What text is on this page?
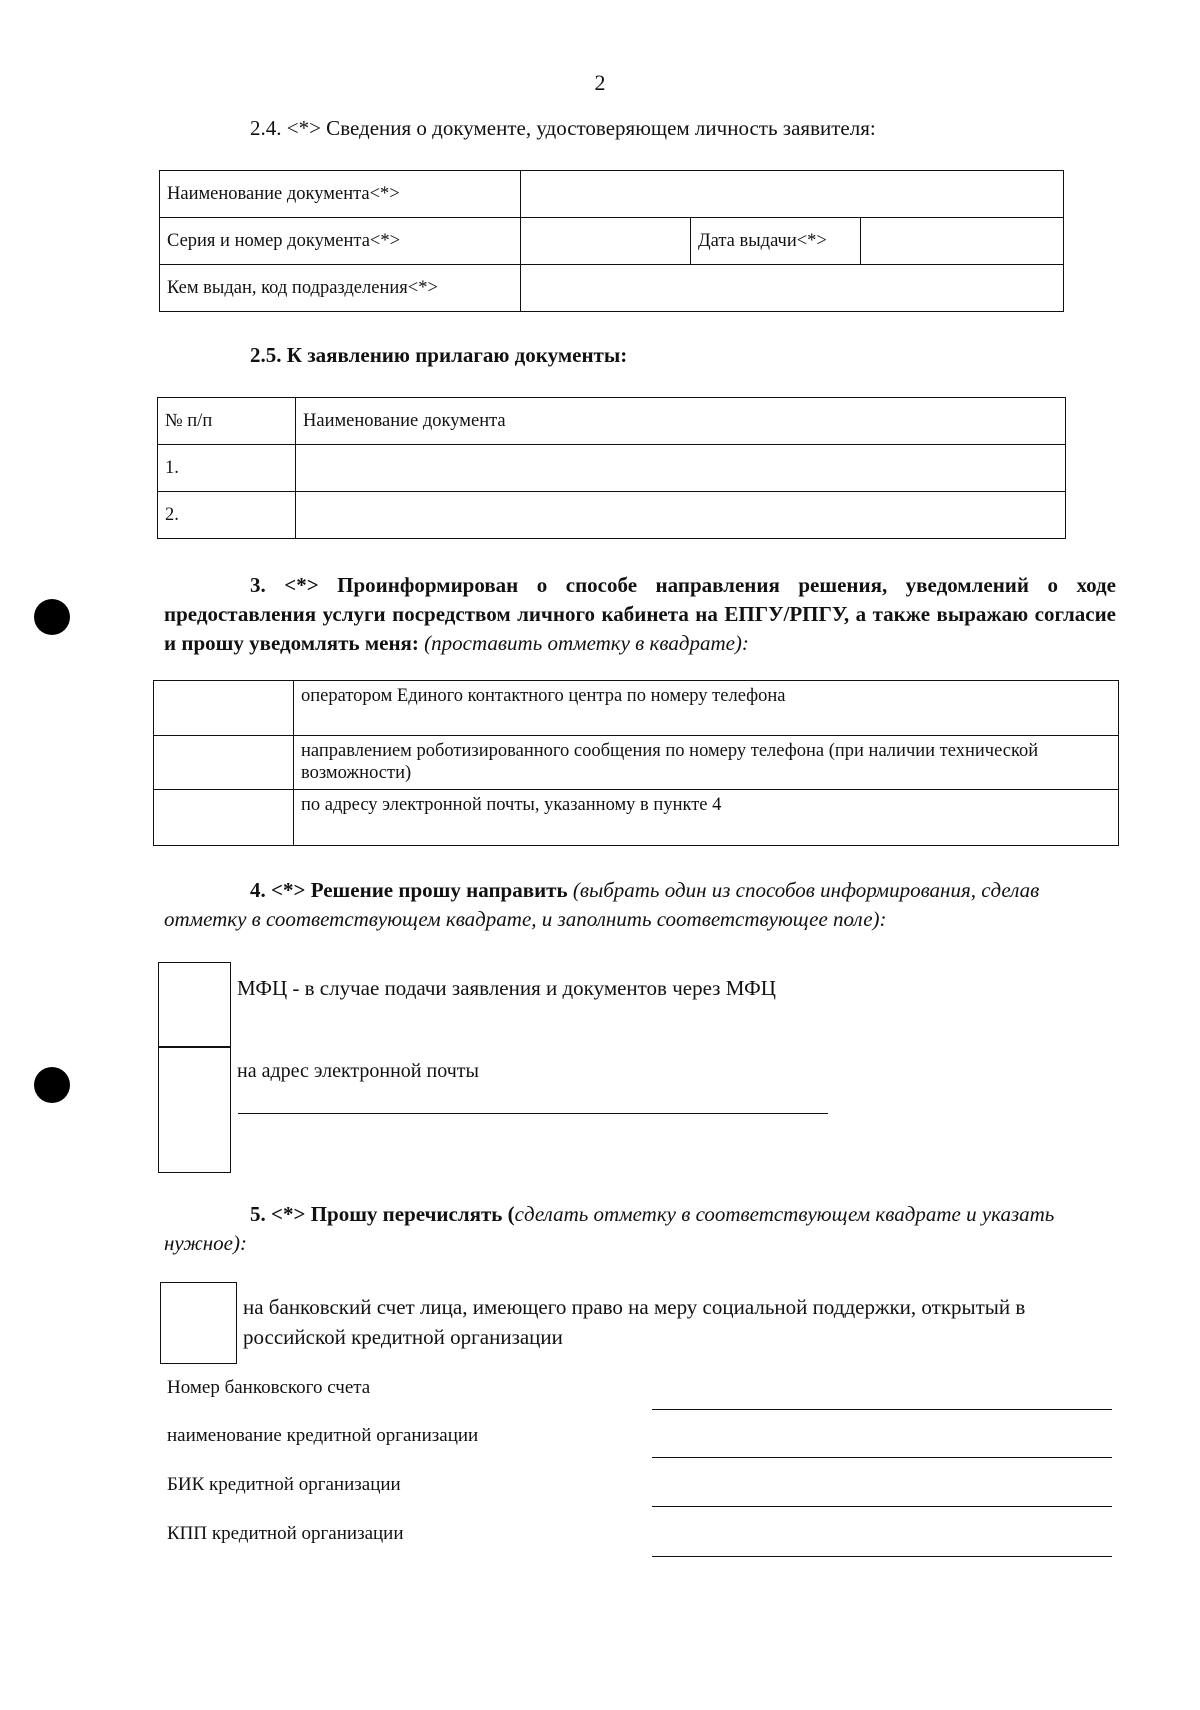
2
2.4. <*> Сведения о документе, удостоверяющем личность заявителя:
Наименование документа<*>			
Серия и номер документа<*>		Дата выдачи<*>	
Кем выдан, код подразделения<*>			
2.5. К заявлению прилагаю документы:
№ п/п	Наименование документа
1.	
2.	
3. <*> Проинформирован о способе направления решения, уведомлений о ходе предоставления услуги посредством личного кабинета на ЕПГУ/РПГУ, а также выражаю согласие и прошу уведомлять меня: (проставить отметку в квадрате):
	оператором Единого контактного центра по номеру телефона
	направлением роботизированного сообщения по номеру телефона (при наличии технической возможности)
	по адресу электронной почты, указанному в пункте 4
4. <*> Решение прошу направить (выбрать один из способов информирования, сделав отметку в соответствующем квадрате, и заполнить соответствующее поле):
МФЦ - в случае подачи заявления и документов через МФЦ
на адрес электронной почты
5. <*> Прошу перечислять (сделать отметку в соответствующем квадрате и указать нужное):
на банковский счет лица, имеющего право на меру социальной поддержки, открытый в российской кредитной организации
Номер банковского счета
наименование кредитной организации
БИК кредитной организации
КПП кредитной организации
